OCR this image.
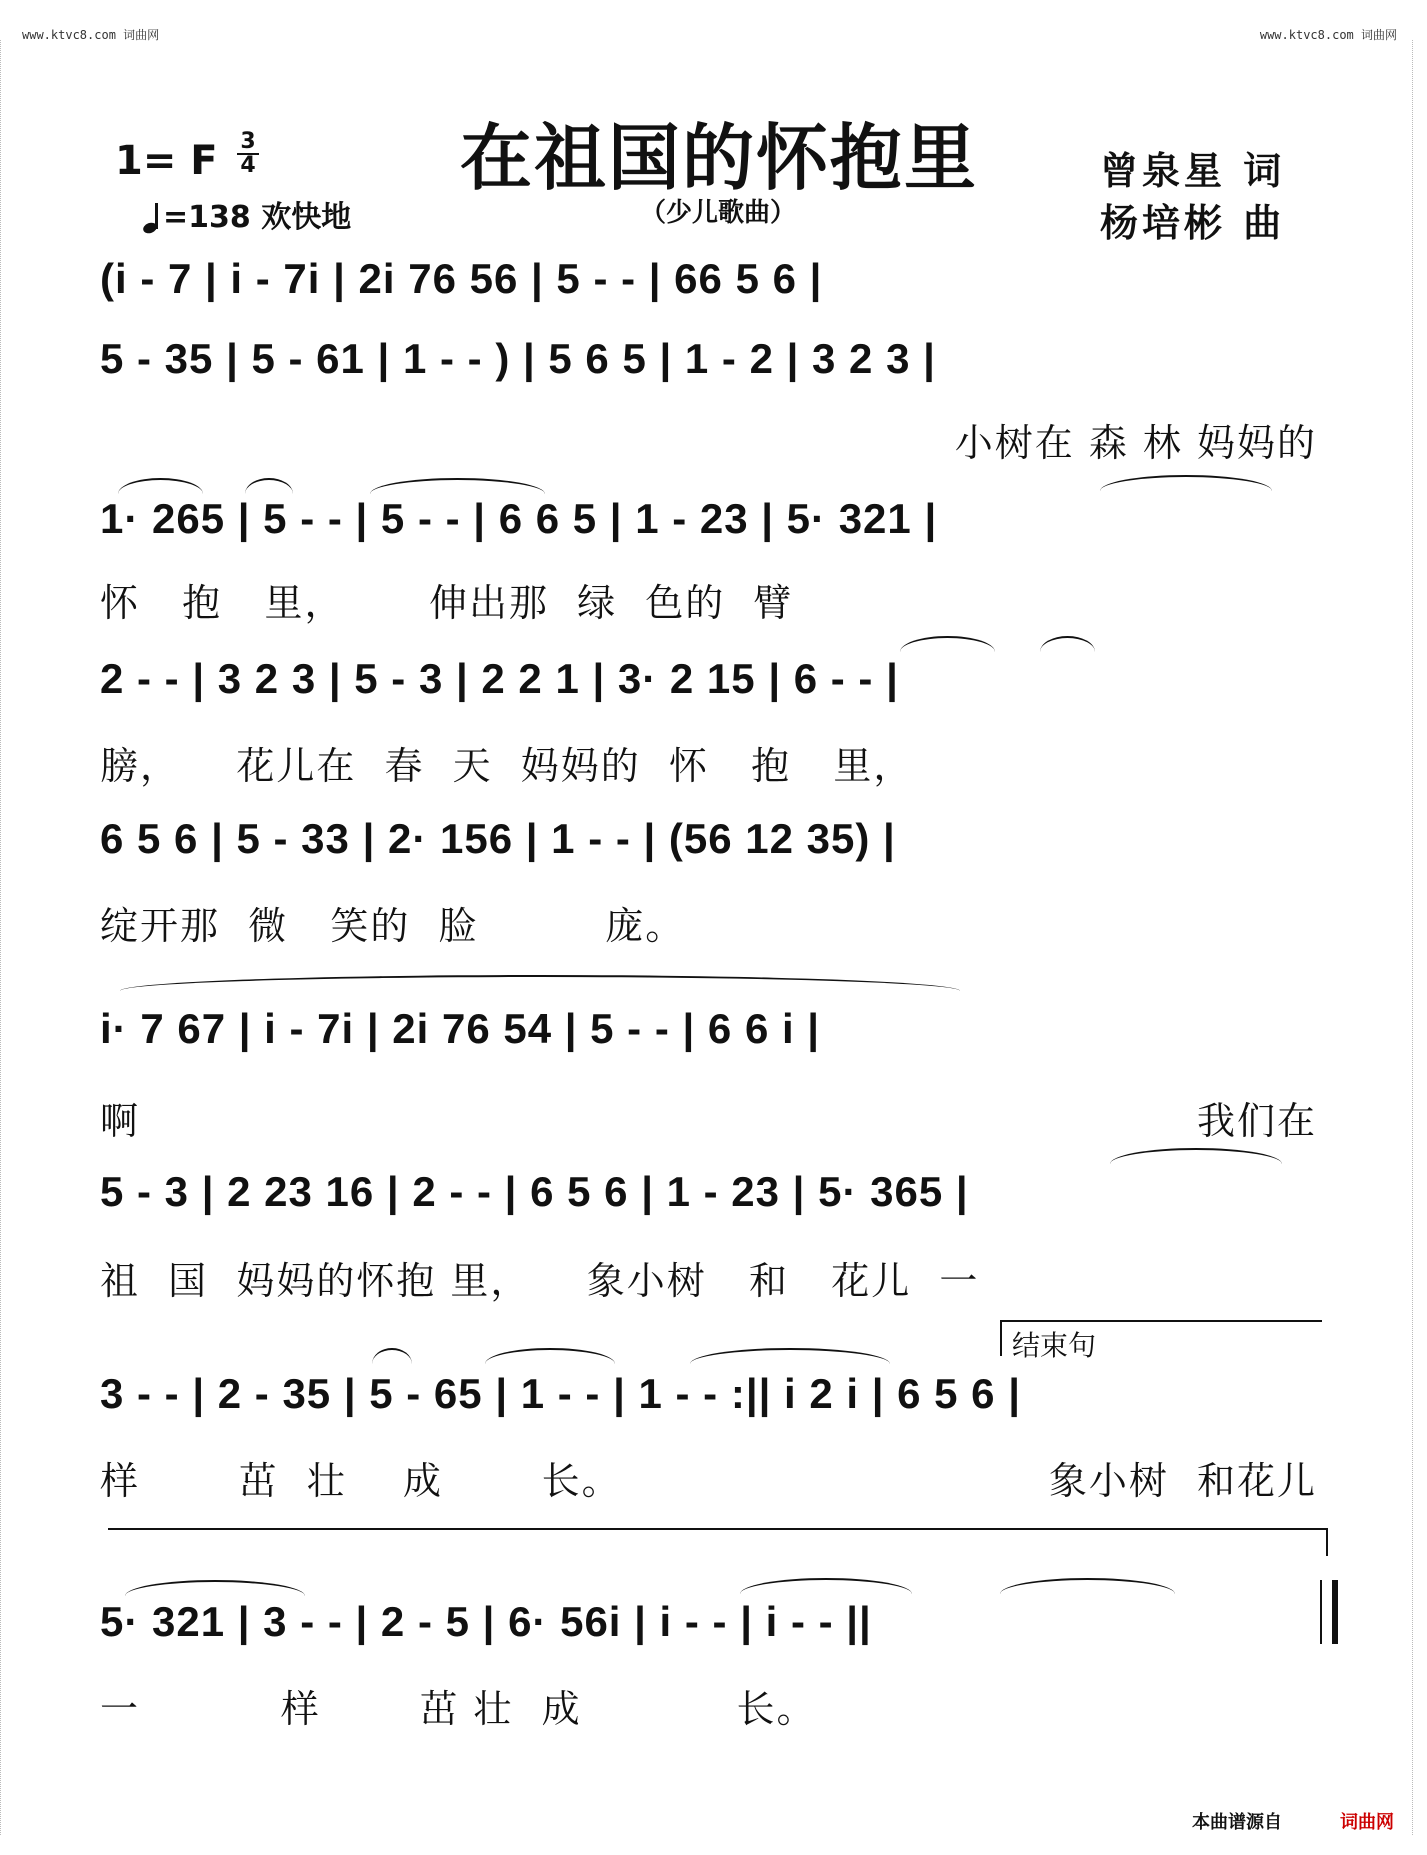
www.ktvc8.com 词曲网	www.ktvc8.com 词曲网
在祖国的怀抱里
（少儿歌曲）
1= F 3
4
=138 欢快地
曾泉星 词
杨培彬 曲
(i - 7 | i - 7i | 2i 76 56 | 5 - - | 66 5 6 |
5 - 35 | 5 - 61 | 1 - - ) | 5 6 5 | 1 - 2 | 3 2 3 |
小树在 森 林 妈妈的
1· 265 | 5 - - | 5 - - | 6 6 5 | 1 - 23 | 5· 321 |
怀   抱   里，      伸出那  绿  色的  臂
2 - - | 3 2 3 | 5 - 3 | 2 2 1 | 3· 2 15 | 6 - - |
膀，    花儿在  春  天  妈妈的  怀   抱   里，
6 5 6 | 5 - 33 | 2· 156 | 1 - - | (56 12 35) |
绽开那  微   笑的  脸         庞。
i· 7 67 | i - 7i | 2i 76 54 | 5 - - | 6 6 i |
啊	我们在
5 - 3 | 2 23 16 | 2 - - | 6 5 6 | 1 - 23 | 5· 365 |
祖  国  妈妈的怀抱 里，    象小树   和   花儿  一
结束句
3 - - | 2 - 35 | 5 - 65 | 1 - - | 1 - - :|| i 2 i | 6 5 6 |
样       茁  壮    成       长。	象小树  和花儿
5· 321 | 3 - - | 2 - 5 | 6· 56i | i - - | i - - ||
一          样       茁 壮  成           长。
本曲谱源自	词曲网
